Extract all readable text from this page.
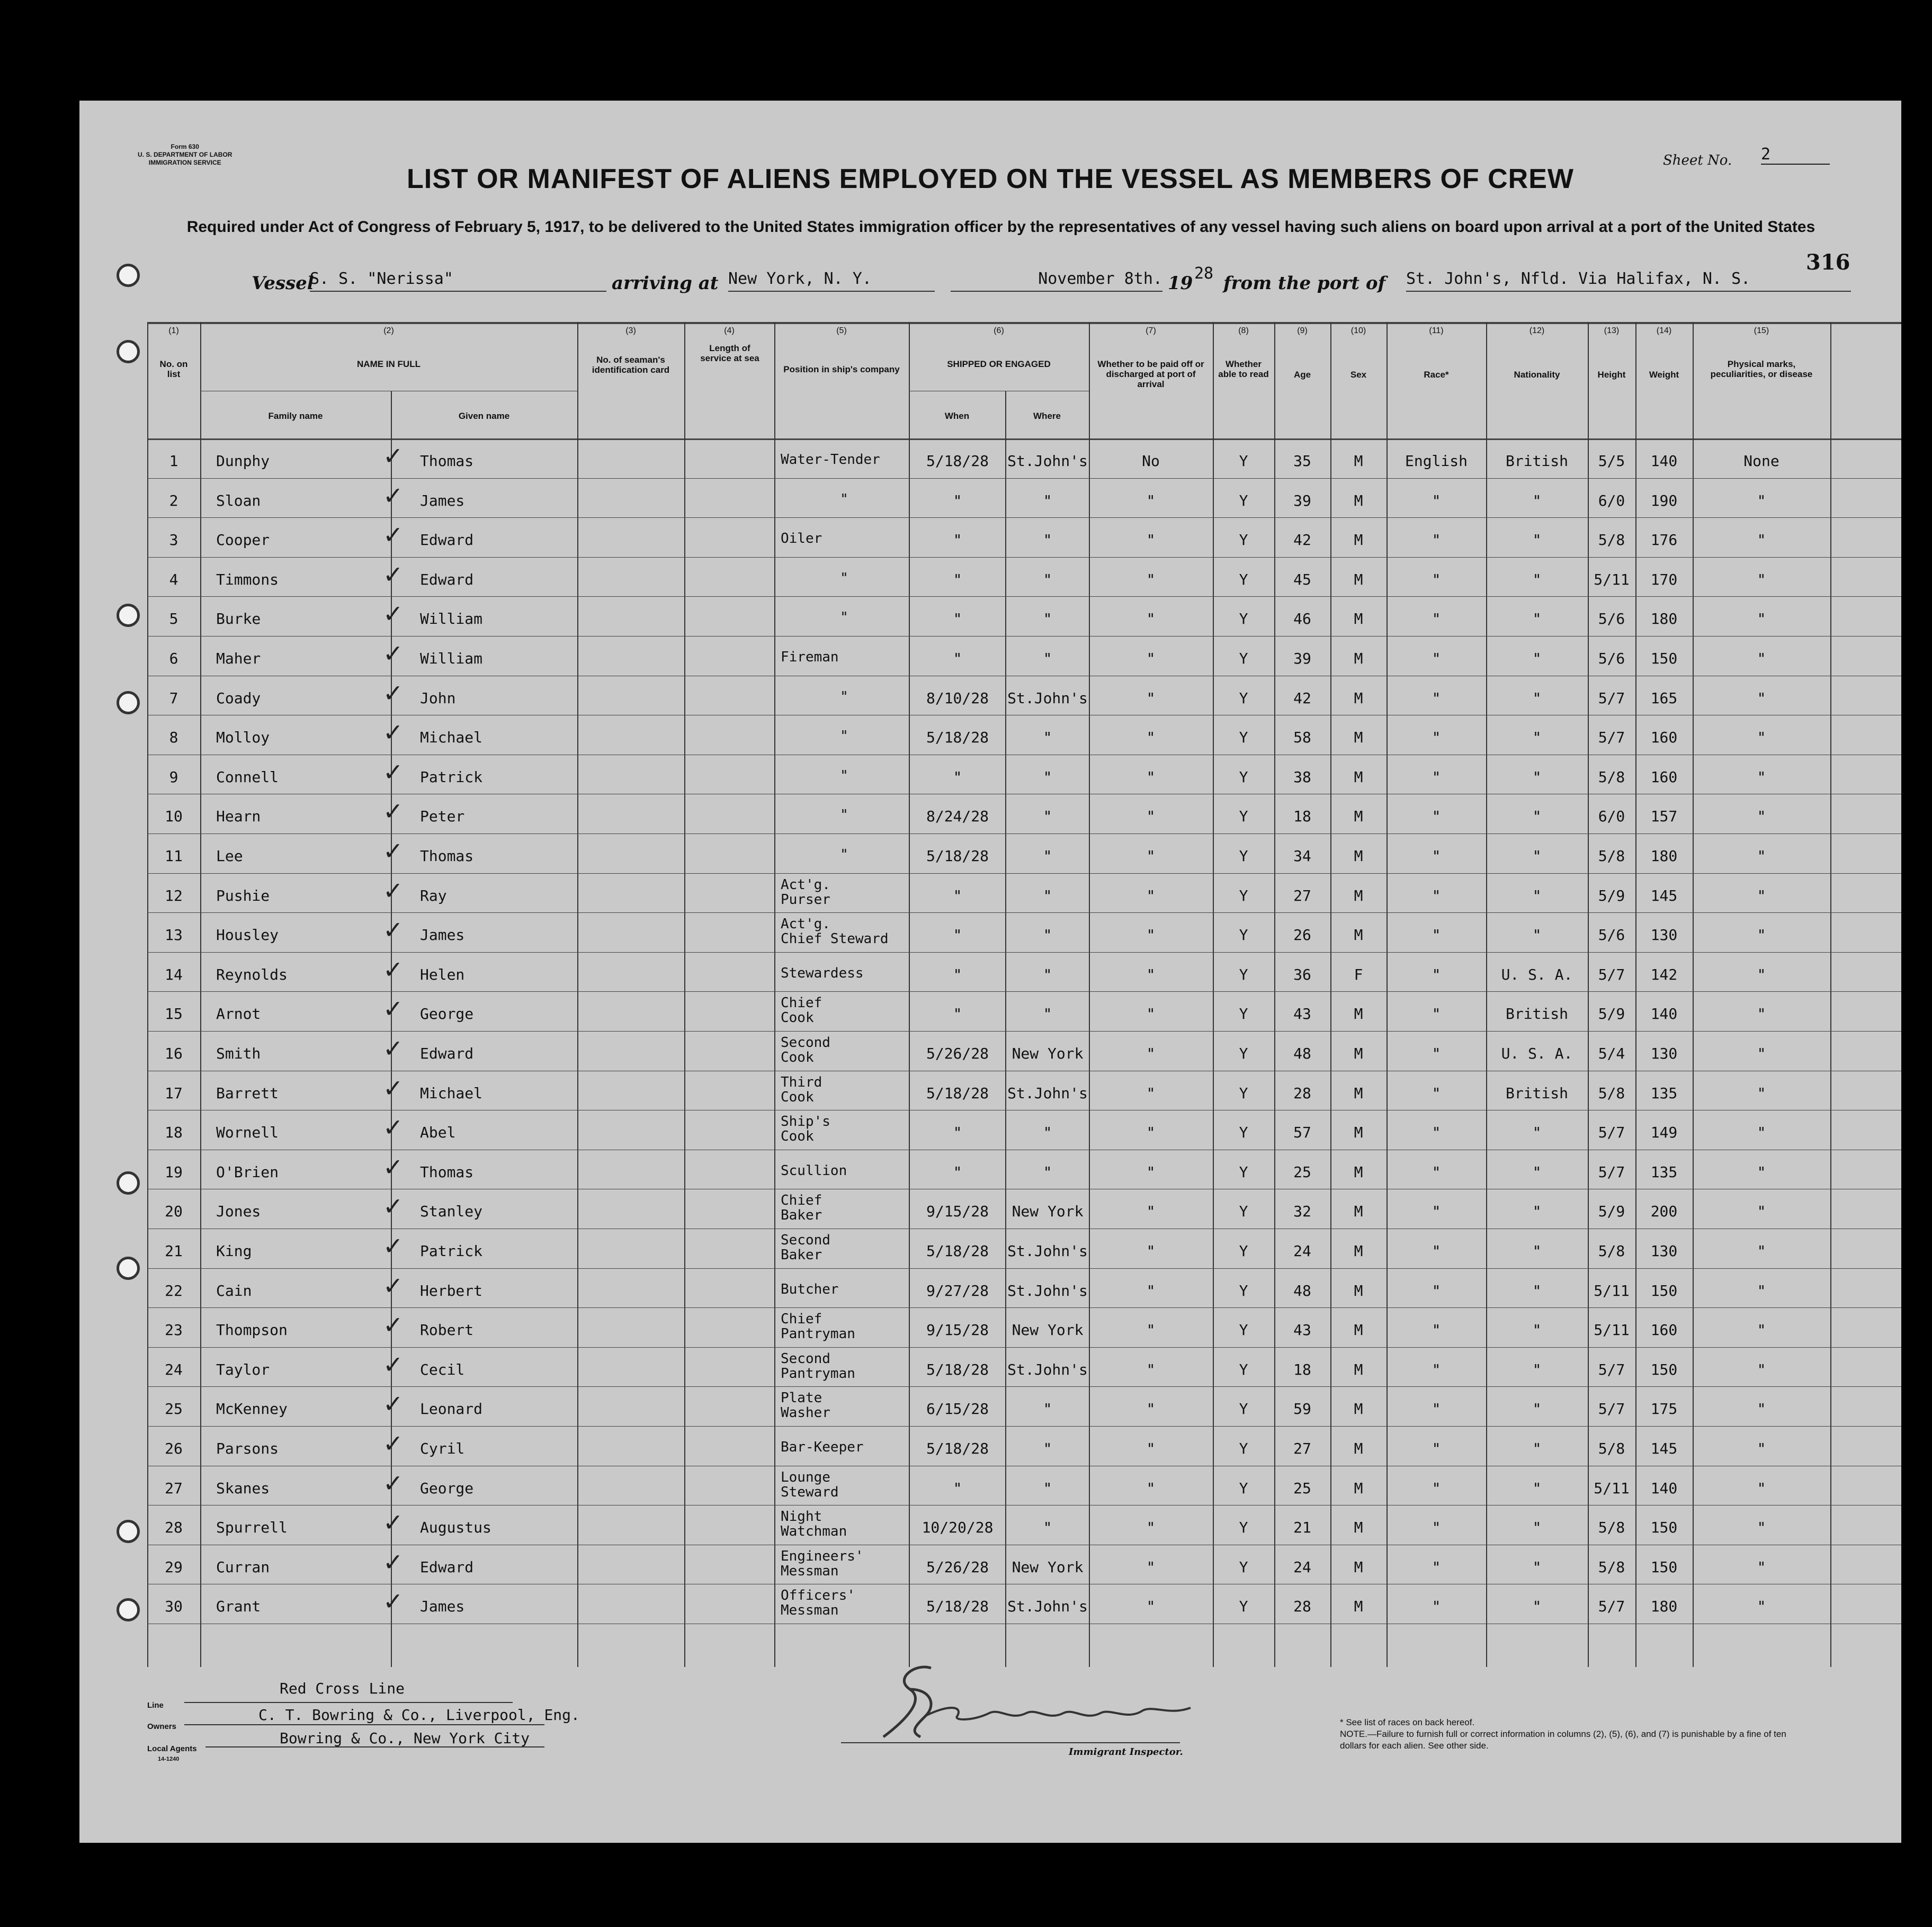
Form 630
U. S. DEPARTMENT OF LABOR
IMMIGRATION SERVICE	Sheet No. 2
LIST OR MANIFEST OF ALIENS EMPLOYED ON THE VESSEL AS MEMBERS OF CREW
Required under Act of Congress of February 5, 1917, to be delivered to the United States immigration officer by the representatives of any vessel having such aliens on board upon arrival at a port of the United States
316
Vessel
S. S. "Nerissa"	arriving at New York, N. Y.	November 8th. 19 28 from the port of St. John's, Nfld. Via Halifax, N. S.
(1)	(2)	(3)	(4)	(5)	(6)	(7)	(8)	(9)	(10)	(11)	(12)	(13)	(14)	(15)
No. on list
NAME IN FULL
Family name	Given name
No. of seaman's identification card
Length of service at sea
Position in ship's company
SHIPPED OR ENGAGED
When	Where
Whether to be paid off or discharged at port of arrival
Whether able to read	Age	Sex	Race*	Nationality	Height	Weight
Physical marks, peculiarities, or disease
1	Dunphy	Thomas	5/18/28	St.John's	No	Y	35	M	English	British	5/5	140	None
Water-Tender
✓
2	Sloan	James	"	"	"	Y	39	M	"	"	6/0	190	"
"
✓
3	Cooper	Edward	"	"	"	Y	42	M	"	"	5/8	176	"
Oiler
✓
4	Timmons	Edward	"	"	"	Y	45	M	"	"	5/11	170	"
"
✓
5	Burke	William	"	"	"	Y	46	M	"	"	5/6	180	"
"
✓
6	Maher	William	"	"	"	Y	39	M	"	"	5/6	150	"
Fireman
✓
7	Coady	John	8/10/28	St.John's	"	Y	42	M	"	"	5/7	165	"
"
✓
8	Molloy	Michael	5/18/28	"	"	Y	58	M	"	"	5/7	160	"
"
✓
9	Connell	Patrick	"	"	"	Y	38	M	"	"	5/8	160	"
"
✓
10	Hearn	Peter	8/24/28	"	"	Y	18	M	"	"	6/0	157	"
"
✓
11	Lee	Thomas	5/18/28	"	"	Y	34	M	"	"	5/8	180	"
"
✓
12	Pushie	Ray	"	"	"	Y	27	M	"	"	5/9	145	"
Act'g.
Purser
✓
13	Housley	James	"	"	"	Y	26	M	"	"	5/6	130	"
Act'g.
Chief Steward
✓
14	Reynolds	Helen	"	"	"	Y	36	F	"	U. S. A.	5/7	142	"
Stewardess
✓
15	Arnot	George	"	"	"	Y	43	M	"	British	5/9	140	"
Chief
Cook
✓
16	Smith	Edward	5/26/28	New York	"	Y	48	M	"	U. S. A.	5/4	130	"
Second
Cook
✓
17	Barrett	Michael	5/18/28	St.John's	"	Y	28	M	"	British	5/8	135	"
Third
Cook
✓
18	Wornell	Abel	"	"	"	Y	57	M	"	"	5/7	149	"
Ship's
Cook
✓
19	O'Brien	Thomas	"	"	"	Y	25	M	"	"	5/7	135	"
Scullion
✓
20	Jones	Stanley	9/15/28	New York	"	Y	32	M	"	"	5/9	200	"
Chief
Baker
✓
21	King	Patrick	5/18/28	St.John's	"	Y	24	M	"	"	5/8	130	"
Second
Baker
✓
22	Cain	Herbert	9/27/28	St.John's	"	Y	48	M	"	"	5/11	150	"
Butcher
✓
23	Thompson	Robert	9/15/28	New York	"	Y	43	M	"	"	5/11	160	"
Chief
Pantryman
✓
24	Taylor	Cecil	5/18/28	St.John's	"	Y	18	M	"	"	5/7	150	"
Second
Pantryman
✓
25	McKenney	Leonard	6/15/28	"	"	Y	59	M	"	"	5/7	175	"
Plate
Washer
✓
26	Parsons	Cyril	5/18/28	"	"	Y	27	M	"	"	5/8	145	"
Bar-Keeper
✓
27	Skanes	George	"	"	"	Y	25	M	"	"	5/11	140	"
Lounge
Steward
✓
28	Spurrell	Augustus	10/20/28	"	"	Y	21	M	"	"	5/8	150	"
Night
Watchman
✓
29	Curran	Edward	5/26/28	New York	"	Y	24	M	"	"	5/8	150	"
Engineers'
Messman
✓
30	Grant	James	5/18/28	St.John's	"	Y	28	M	"	"	5/7	180	"
Officers'
Messman
✓
Line
Red Cross Line
Owners
C. T. Bowring & Co., Liverpool, Eng.
Local Agents
Bowring & Co., New York City
14-1240
Immigrant Inspector.
* See list of races on back hereof.
NOTE.—Failure to furnish full or correct information in columns (2), (5), (6), and (7) is punishable by a fine of ten dollars for each alien. See other side.
